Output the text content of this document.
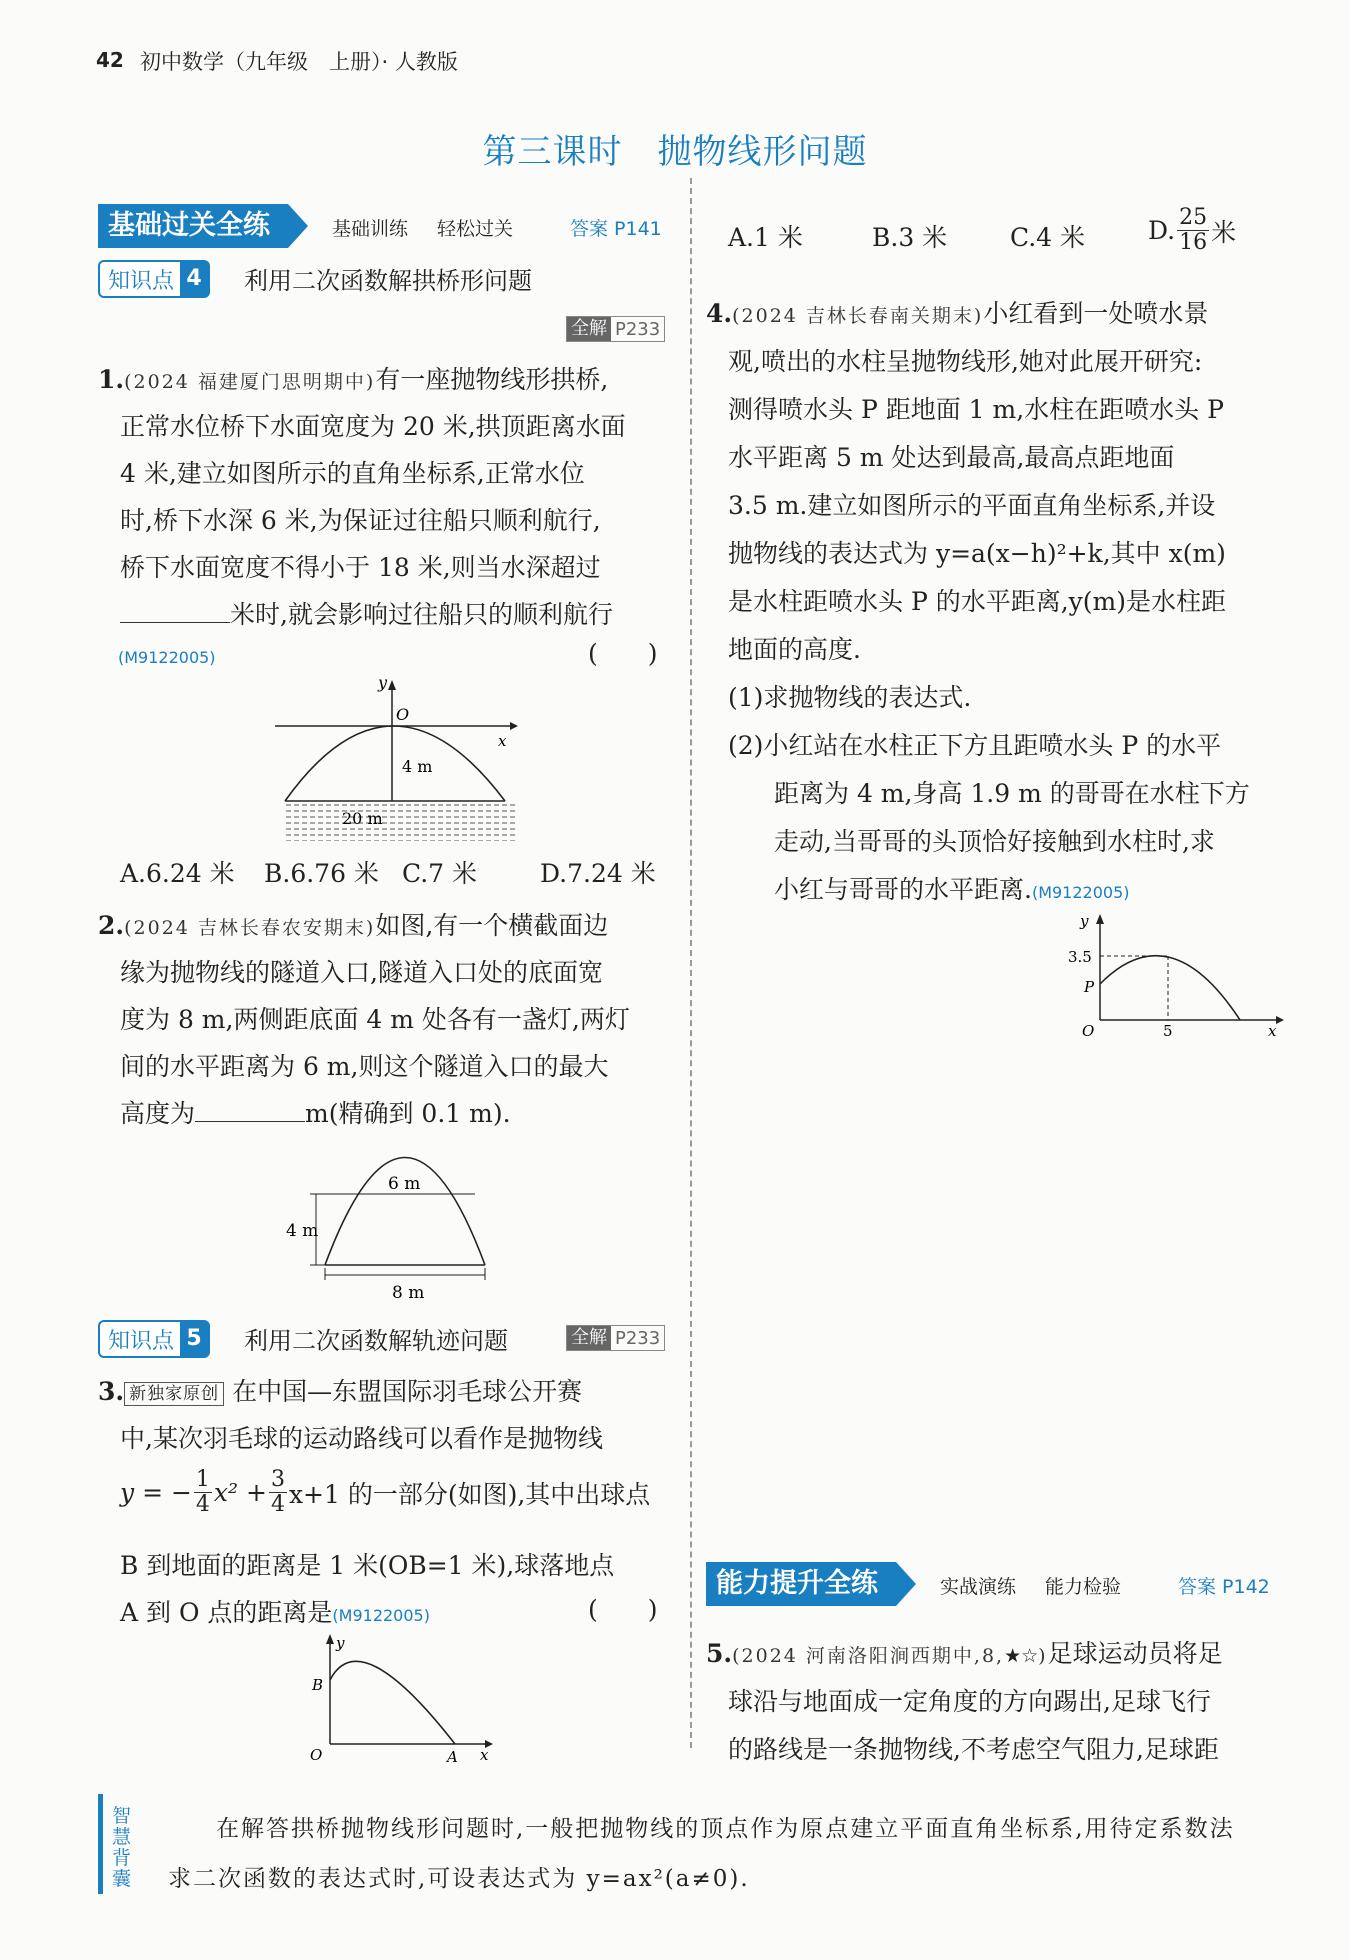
42 初中数学（九年级　上册）· 人教版
第三课时　抛物线形问题
基础过关全练	基础训练 轻松过关	答案 P141
知识点 4 利用二次函数解拱桥形问题
全解 P233
1.(2024 福建厦门思明期中)有一座抛物线形拱桥,
正常水位桥下水面宽度为 20 米,拱顶距离水面
4 米,建立如图所示的直角坐标系,正常水位
时,桥下水深 6 米,为保证过往船只顺利航行,
桥下水面宽度不得小于 18 米,则当水深超过
米时,就会影响过往船只的顺利航行
(M9122005)	(　　)
y
x
O
4 m
20 m
A.6.24 米 B.6.76 米 C.7 米	D.7.24 米
2.(2024 吉林长春农安期末)如图,有一个横截面边
缘为抛物线的隧道入口,隧道入口处的底面宽
度为 8 m,两侧距底面 4 m 处各有一盏灯,两灯
间的水平距离为 6 m,则这个隧道入口的最大
高度为	m(精确到 0.1 m).
6 m
4 m
8 m
知识点 5 利用二次函数解轨迹问题	全解 P233
3. 新独家原创 在中国—东盟国际羽毛球公开赛
中,某次羽毛球的运动路线可以看作是抛物线
y = − $\frac{1}{4} x^2 + \frac{3}{4} x+1$ 的一部分(如图),其中出球点
B 到地面的距离是 1 米(OB=1 米),球落地点
A 到 O 点的距离是(M9122005)	(　　)
y
x
O	A
B
A.1 米	B.3 米	C.4 米	D. $\frac{25}{16}$ 米
4.(2024 吉林长春南关期末)小红看到一处喷水景
观,喷出的水柱呈抛物线形,她对此展开研究:
测得喷水头 P 距地面 1 m,水柱在距喷水头 P
水平距离 5 m 处达到最高,最高点距地面
3.5 m.建立如图所示的平面直角坐标系,并设
抛物线的表达式为 y=a(x−h)²+k,其中 x(m)
是水柱距喷水头 P 的水平距离,y(m)是水柱距
地面的高度.
(1)求抛物线的表达式.
(2)小红站在水柱正下方且距喷水头 P 的水平
距离为 4 m,身高 1.9 m 的哥哥在水柱下方
走动,当哥哥的头顶恰好接触到水柱时,求
小红与哥哥的水平距离.(M9122005)
y
x
O
P
3.5
5
能力提升全练	实战演练 能力检验	答案 P142
5.(2024 河南洛阳涧西期中,8,★☆)足球运动员将足
球沿与地面成一定角度的方向踢出,足球飞行
的路线是一条抛物线,不考虑空气阻力,足球距
智慧背囊
在解答拱桥抛物线形问题时,一般把抛物线的顶点作为原点建立平面直角坐标系,用待定系数法
求二次函数的表达式时,可设表达式为 y=ax²(a≠0).
